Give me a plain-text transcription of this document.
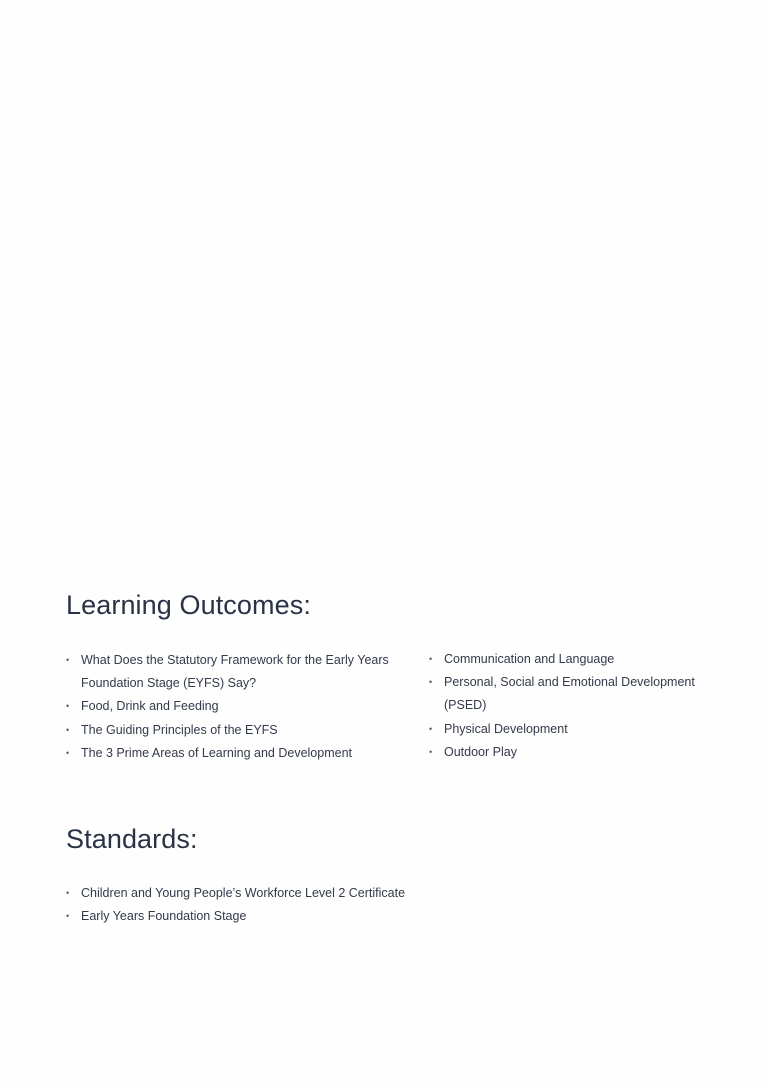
Learning Outcomes:
• What Does the Statutory Framework for the Early Years
Foundation Stage (EYFS) Say?
• Food, Drink and Feeding
• The Guiding Principles of the EYFS
• The 3 Prime Areas of Learning and Development
• Communication and Language
• Personal, Social and Emotional Development
(PSED)
• Physical Development
• Outdoor Play
Standards:
• Children and Young People’s Workforce Level 2 Certificate
• Early Years Foundation Stage
